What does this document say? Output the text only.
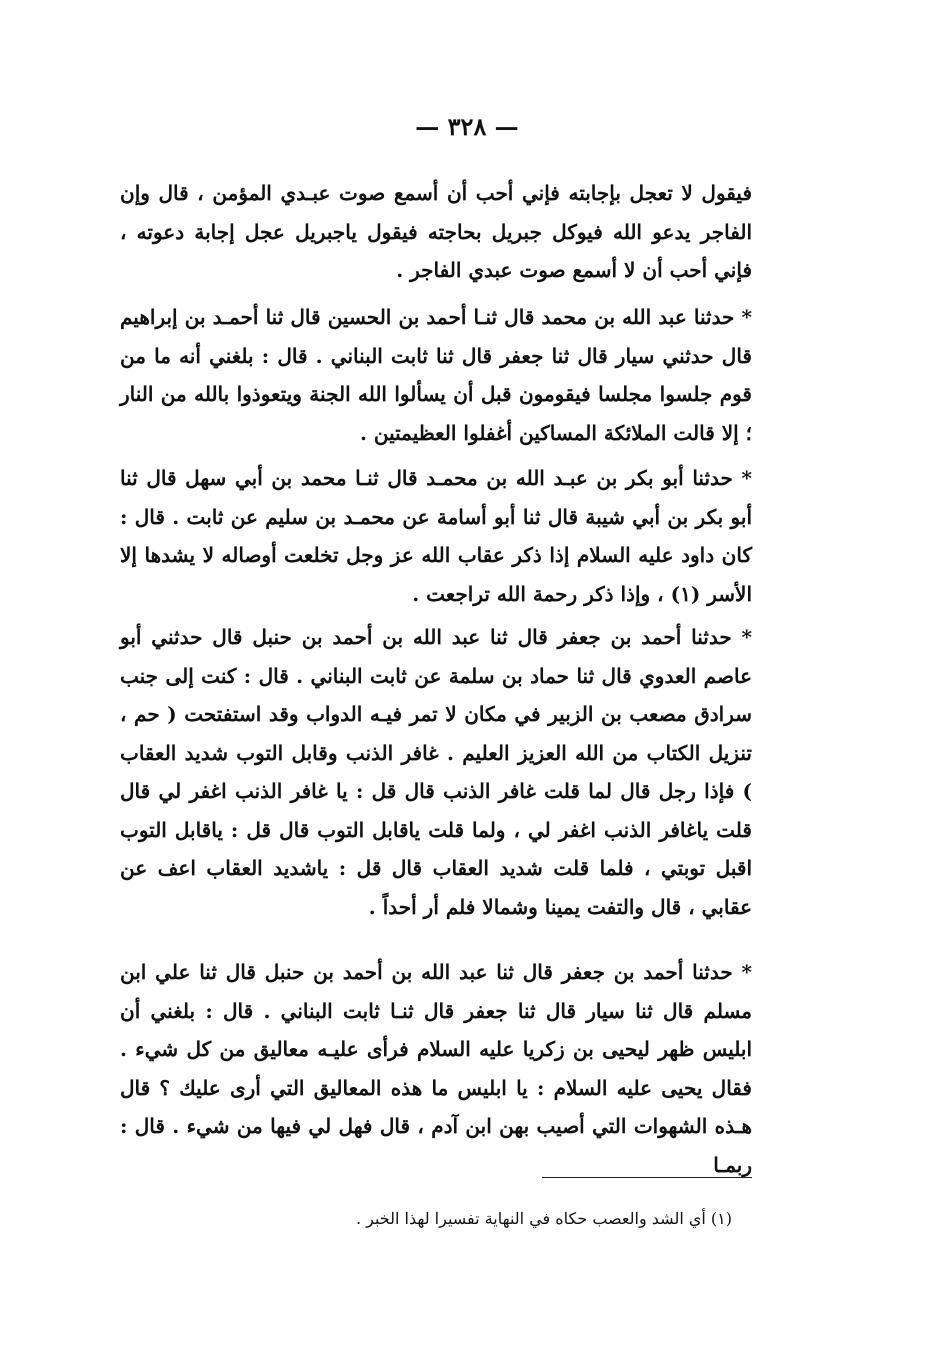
— ٣٢٨ —

فيقول لا تعجل بإجابته فإني أحب أن أسمع صوت عبـدي المؤمن ، قال وإن الفاجر يدعو الله فيوكل جبريل بحاجته فيقول ياجبريل عجل إجابة دعوته ، فإني أحب أن لا أسمع صوت عبدي الفاجر .

* حدثنا عبد الله بن محمد قال ثنـا أحمد بن الحسين قال ثنا أحمـد بن إبراهيم قال حدثني سيار قال ثنا جعفر قال ثنا ثابت البناني . قال : بلغني أنه ما من قوم جلسوا مجلسا فيقومون قبل أن يسألوا الله الجنة ويتعوذوا بالله من النار ؛ إلا قالت الملائكة المساكين أغفلوا العظيمتين .

* حدثنا أبو بكر بن عبـد الله بن محمـد قال ثنـا محمد بن أبي سهل قال ثنا أبو بكر بن أبي شيبة قال ثنا أبو أسامة عن محمـد بن سليم عن ثابت . قال : كان داود عليه السلام إذا ذكر عقاب الله عز وجل تخلعت أوصاله لا يشدها إلا الأسر (١) ، وإذا ذكر رحمة الله تراجعت .

* حدثنا أحمد بن جعفر قال ثنا عبد الله بن أحمد بن حنبل قال حدثني أبو عاصم العدوي قال ثنا حماد بن سلمة عن ثابت البناني . قال : كنت إلى جنب سرادق مصعب بن الزبير في مكان لا تمر فيـه الدواب وقد استفتحت ( حم ، تنزيل الكتاب من الله العزيز العليم . غافر الذنب وقابل التوب شديد العقاب ) فإذا رجل قال لما قلت غافر الذنب قال قل : يا غافر الذنب اغفر لي قال قلت ياغافر الذنب اغفر لي ، ولما قلت ياقابل التوب قال قل : ياقابل التوب اقبل توبتي ، فلما قلت شديد العقاب قال قل : ياشديد العقاب اعف عن عقابي ، قال والتفت يمينا وشمالا فلم أر أحداً .

* حدثنا أحمد بن جعفر قال ثنا عبد الله بن أحمد بن حنبل قال ثنا علي ابن مسلم قال ثنا سيار قال ثنا جعفر قال ثنـا ثابت البناني . قال : بلغني أن ابليس ظهر ليحيى بن زكريا عليه السلام فرأى عليـه معاليق من كل شيء . فقال يحيى عليه السلام : يا ابليس ما هذه المعاليق التي أرى عليك ؟ قال هـذه الشهوات التي أصيب بهن ابن آدم ، قال فهل لي فيها من شيء . قال : ربمـا

(١) أي الشد والعصب حكاه في النهاية تفسيرا لهذا الخبر .
